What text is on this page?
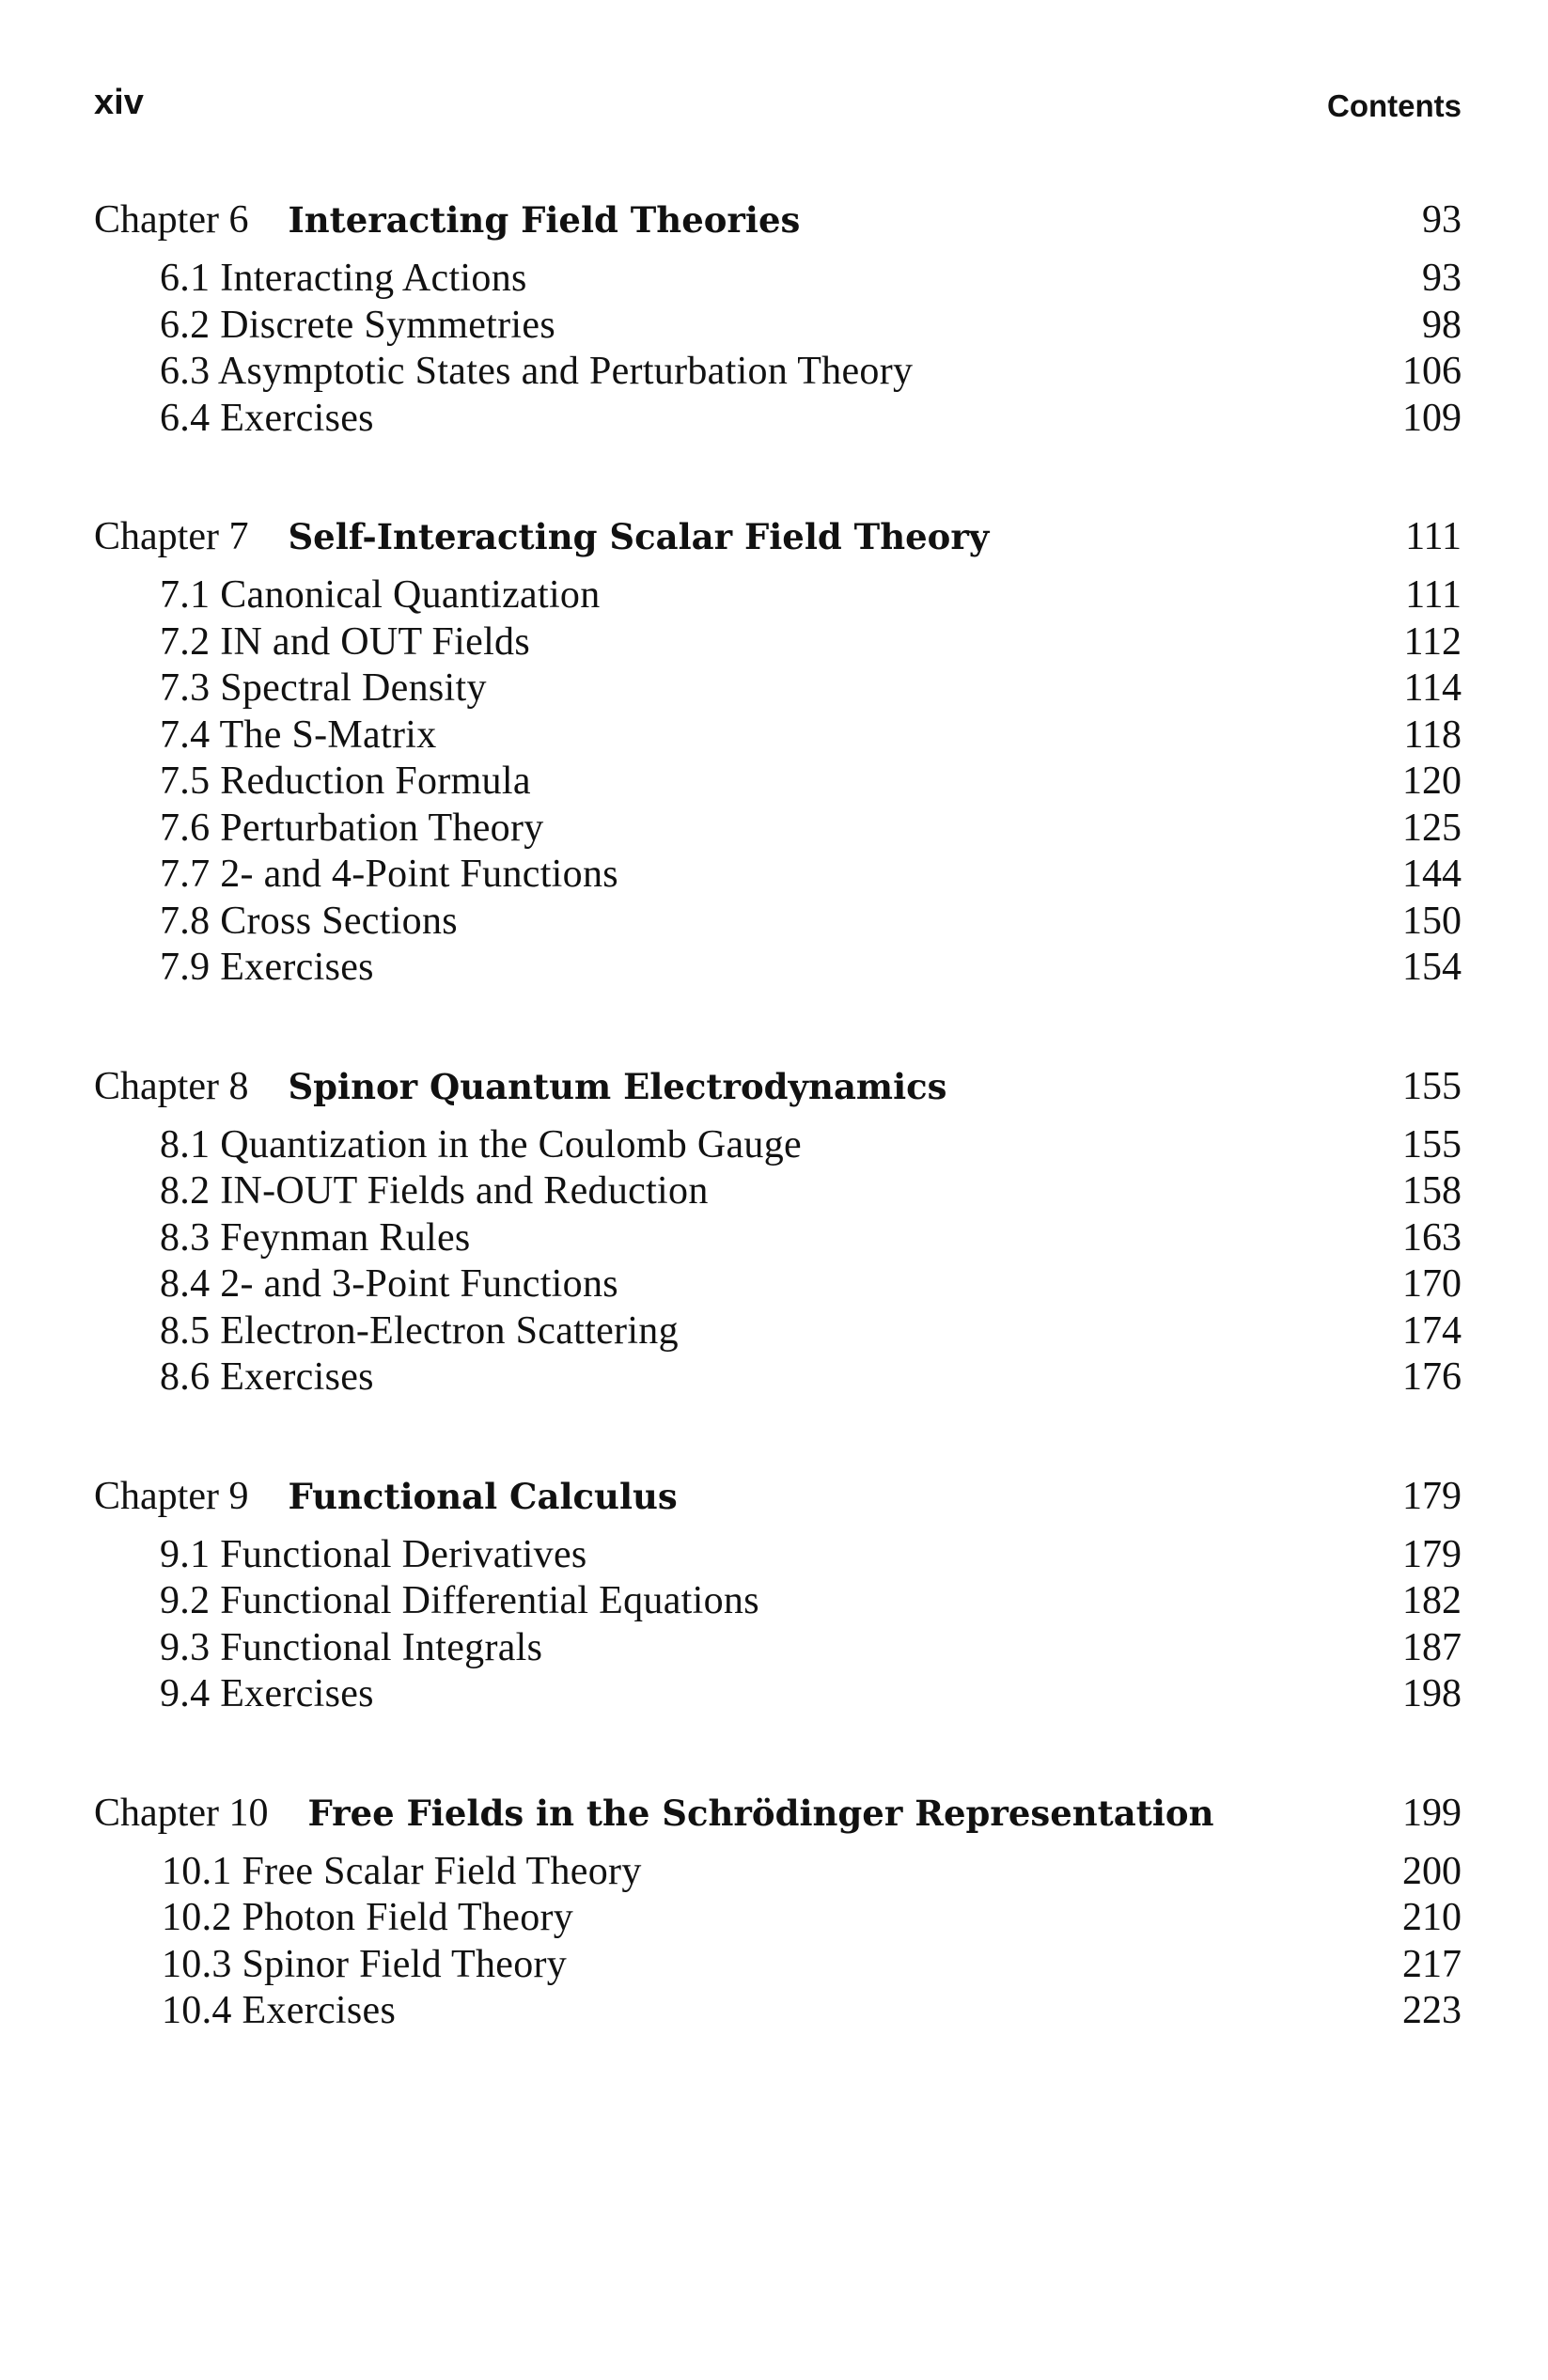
xiv	Contents
Chapter 6 Interacting Field Theories	93
6.1 Interacting Actions	93
6.2 Discrete Symmetries	98
6.3 Asymptotic States and Perturbation Theory	106
6.4 Exercises	109
Chapter 7 Self-Interacting Scalar Field Theory	111
7.1 Canonical Quantization	111
7.2 IN and OUT Fields	112
7.3 Spectral Density	114
7.4 The S-Matrix	118
7.5 Reduction Formula	120
7.6 Perturbation Theory	125
7.7 2- and 4-Point Functions	144
7.8 Cross Sections	150
7.9 Exercises	154
Chapter 8 Spinor Quantum Electrodynamics	155
8.1 Quantization in the Coulomb Gauge	155
8.2 IN-OUT Fields and Reduction	158
8.3 Feynman Rules	163
8.4 2- and 3-Point Functions	170
8.5 Electron-Electron Scattering	174
8.6 Exercises	176
Chapter 9 Functional Calculus	179
9.1 Functional Derivatives	179
9.2 Functional Differential Equations	182
9.3 Functional Integrals	187
9.4 Exercises	198
Chapter 10 Free Fields in the Schrödinger Representation	199
10.1 Free Scalar Field Theory	200
10.2 Photon Field Theory	210
10.3 Spinor Field Theory	217
10.4 Exercises	223
